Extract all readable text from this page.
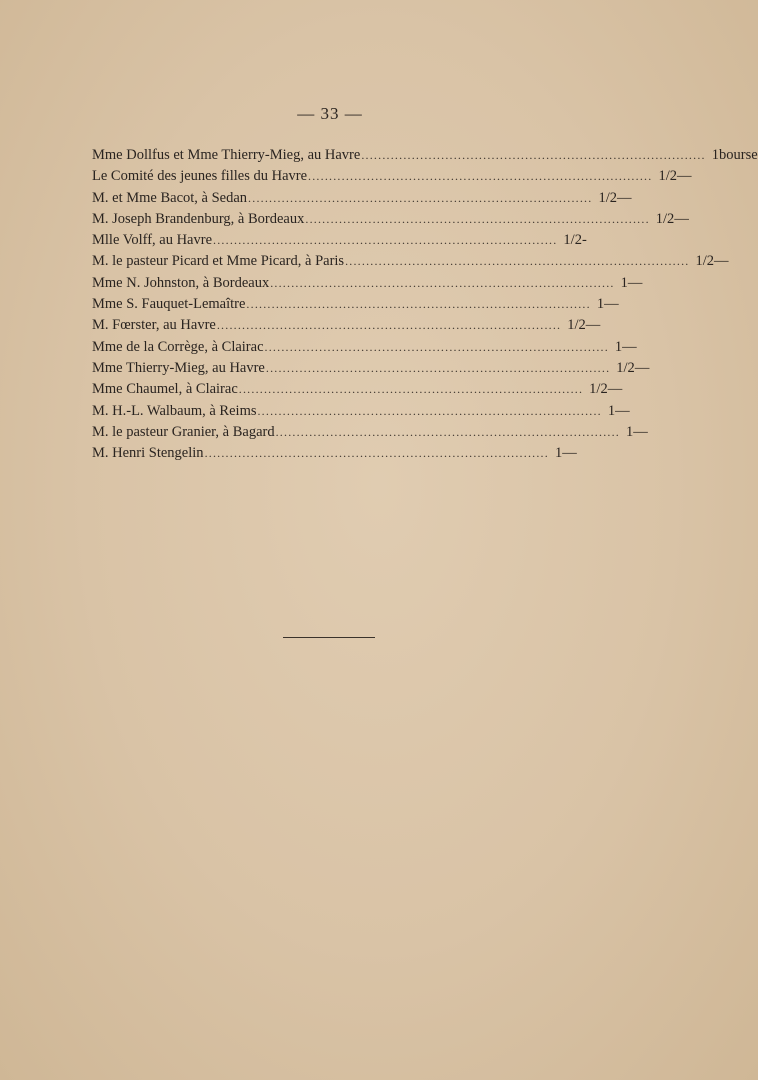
— 33 —
Mme Dollfus et Mme Thierry-Mieg, au Havre .................................................................................. 1 bourse
Le Comité des jeunes filles du Havre .................................................................................. 1/2 —
M. et Mme Bacot, à Sedan .................................................................................. 1/2 —
M. Joseph Brandenburg, à Bordeaux .................................................................................. 1/2 —
Mlle Volff, au Havre .................................................................................. 1/2 -
M. le pasteur Picard et Mme Picard, à Paris .................................................................................. 1/2 —
Mme N. Johnston, à Bordeaux .................................................................................. 1 —
Mme S. Fauquet-Lemaître .................................................................................. 1 —
M. Fœrster, au Havre .................................................................................. 1/2 —
Mme de la Corrège, à Clairac .................................................................................. 1 —
Mme Thierry-Mieg, au Havre .................................................................................. 1/2 —
Mme Chaumel, à Clairac .................................................................................. 1/2 —
M. H.-L. Walbaum, à Reims .................................................................................. 1 —
M. le pasteur Granier, à Bagard .................................................................................. 1 —
M. Henri Stengelin .................................................................................. 1 —
